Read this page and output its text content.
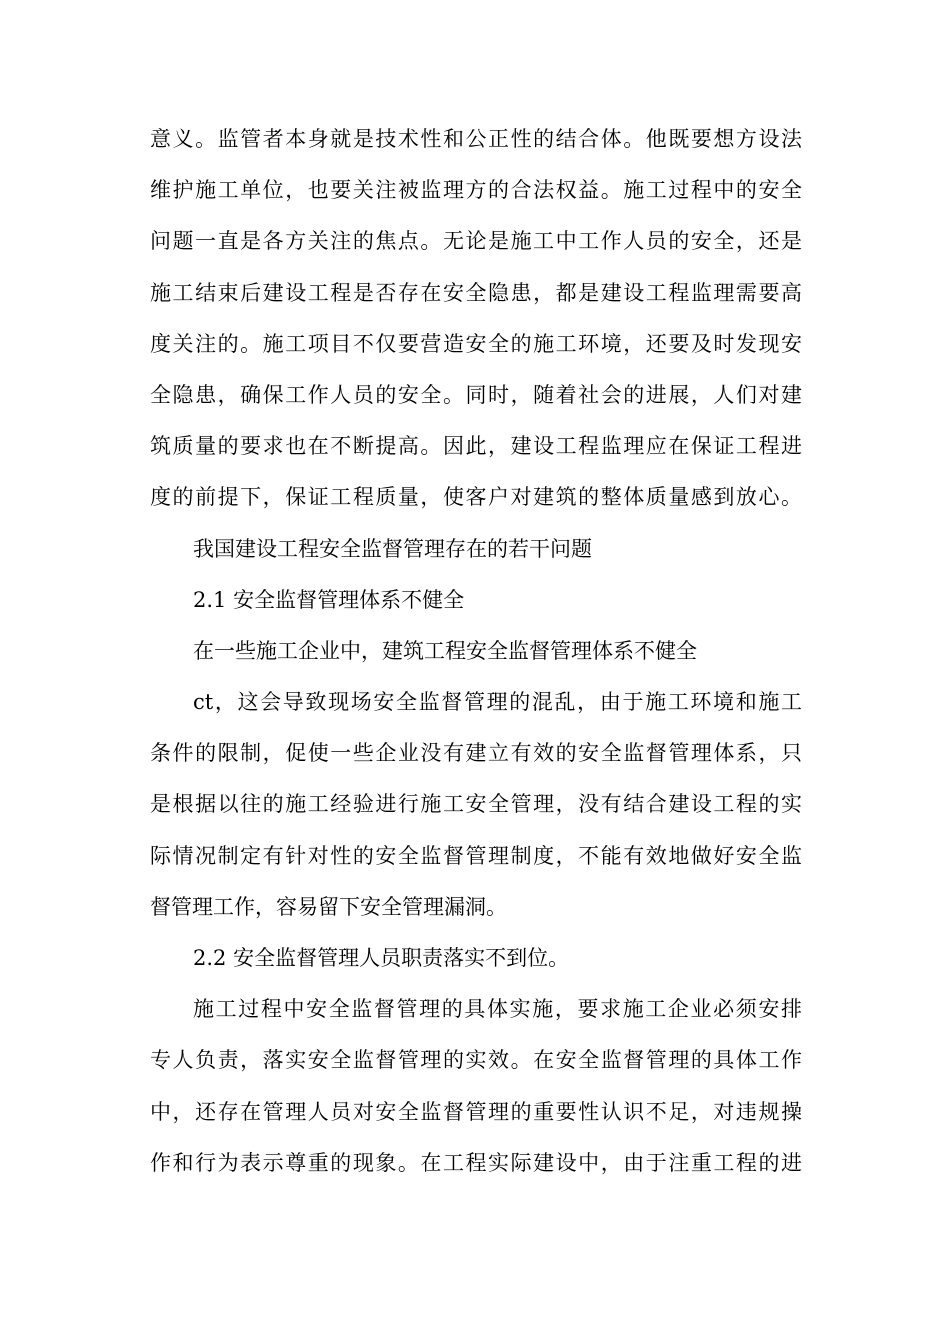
意义。监管者本身就是技术性和公正性的结合体。他既要想方设法
维护施工单位，也要关注被监理方的合法权益。施工过程中的安全
问题一直是各方关注的焦点。无论是施工中工作人员的安全，还是
施工结束后建设工程是否存在安全隐患，都是建设工程监理需要高
度关注的。施工项目不仅要营造安全的施工环境，还要及时发现安
全隐患，确保工作人员的安全。同时，随着社会的进展，人们对建
筑质量的要求也在不断提高。因此，建设工程监理应在保证工程进
度的前提下，保证工程质量，使客户对建筑的整体质量感到放心。
我国建设工程安全监督管理存在的若干问题
2.1 安全监督管理体系不健全
在一些施工企业中，建筑工程安全监督管理体系不健全
ct，这会导致现场安全监督管理的混乱，由于施工环境和施工
条件的限制，促使一些企业没有建立有效的安全监督管理体系，只
是根据以往的施工经验进行施工安全管理，没有结合建设工程的实
际情况制定有针对性的安全监督管理制度，不能有效地做好安全监
督管理工作，容易留下安全管理漏洞。
2.2 安全监督管理人员职责落实不到位。
施工过程中安全监督管理的具体实施，要求施工企业必须安排
专人负责，落实安全监督管理的实效。在安全监督管理的具体工作
中，还存在管理人员对安全监督管理的重要性认识不足，对违规操
作和行为表示尊重的现象。在工程实际建设中，由于注重工程的进
